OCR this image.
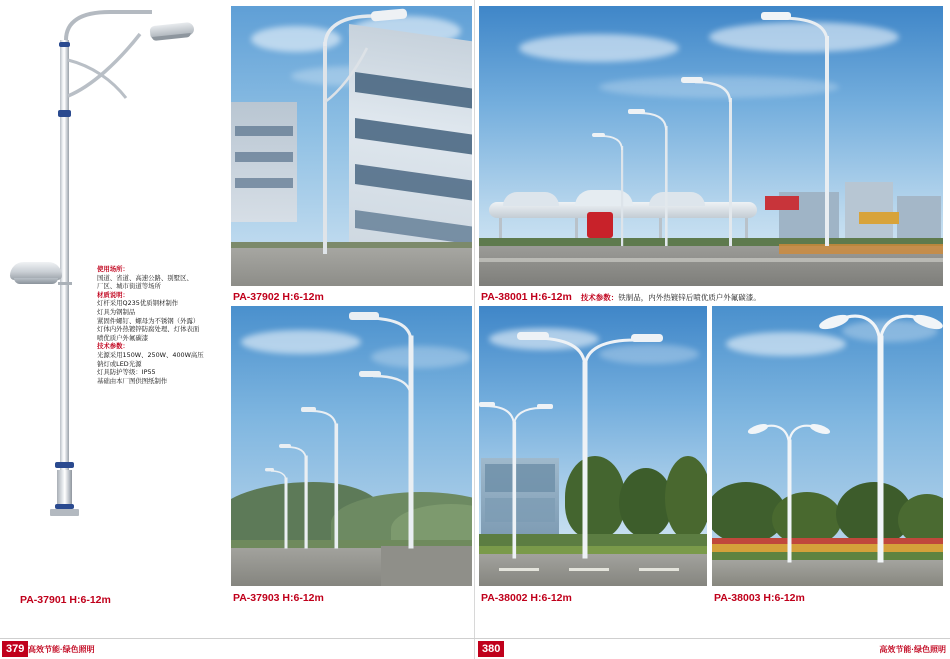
使用场所：
国道、省道、高速公路、别墅区、
厂区、城市街道等场所
材质说明：
灯杆采用Q235优质钢材制作
灯具为钢制品
紧固件螺钉、螺母为不锈钢（外露）
灯体内外热镀锌防腐处理、灯体表面
喷优质户外氟碳漆
技术参数：
光源采用150W、250W、400W高压
钠灯或LED光源
灯具防护等级：IP55
基础由本厂图供图纸制作
PA-37901 H:6-12m
PA-37902 H:6-12m	PA-38001 H:6-12m 技术参数：铁制品，内外热镀锌后喷优质户外氟碳漆。
PA-37903 H:6-12m	PA-38002 H:6-12m	PA-38003 H:6-12m
379 高效节能·绿色照明	380	高效节能·绿色照明
